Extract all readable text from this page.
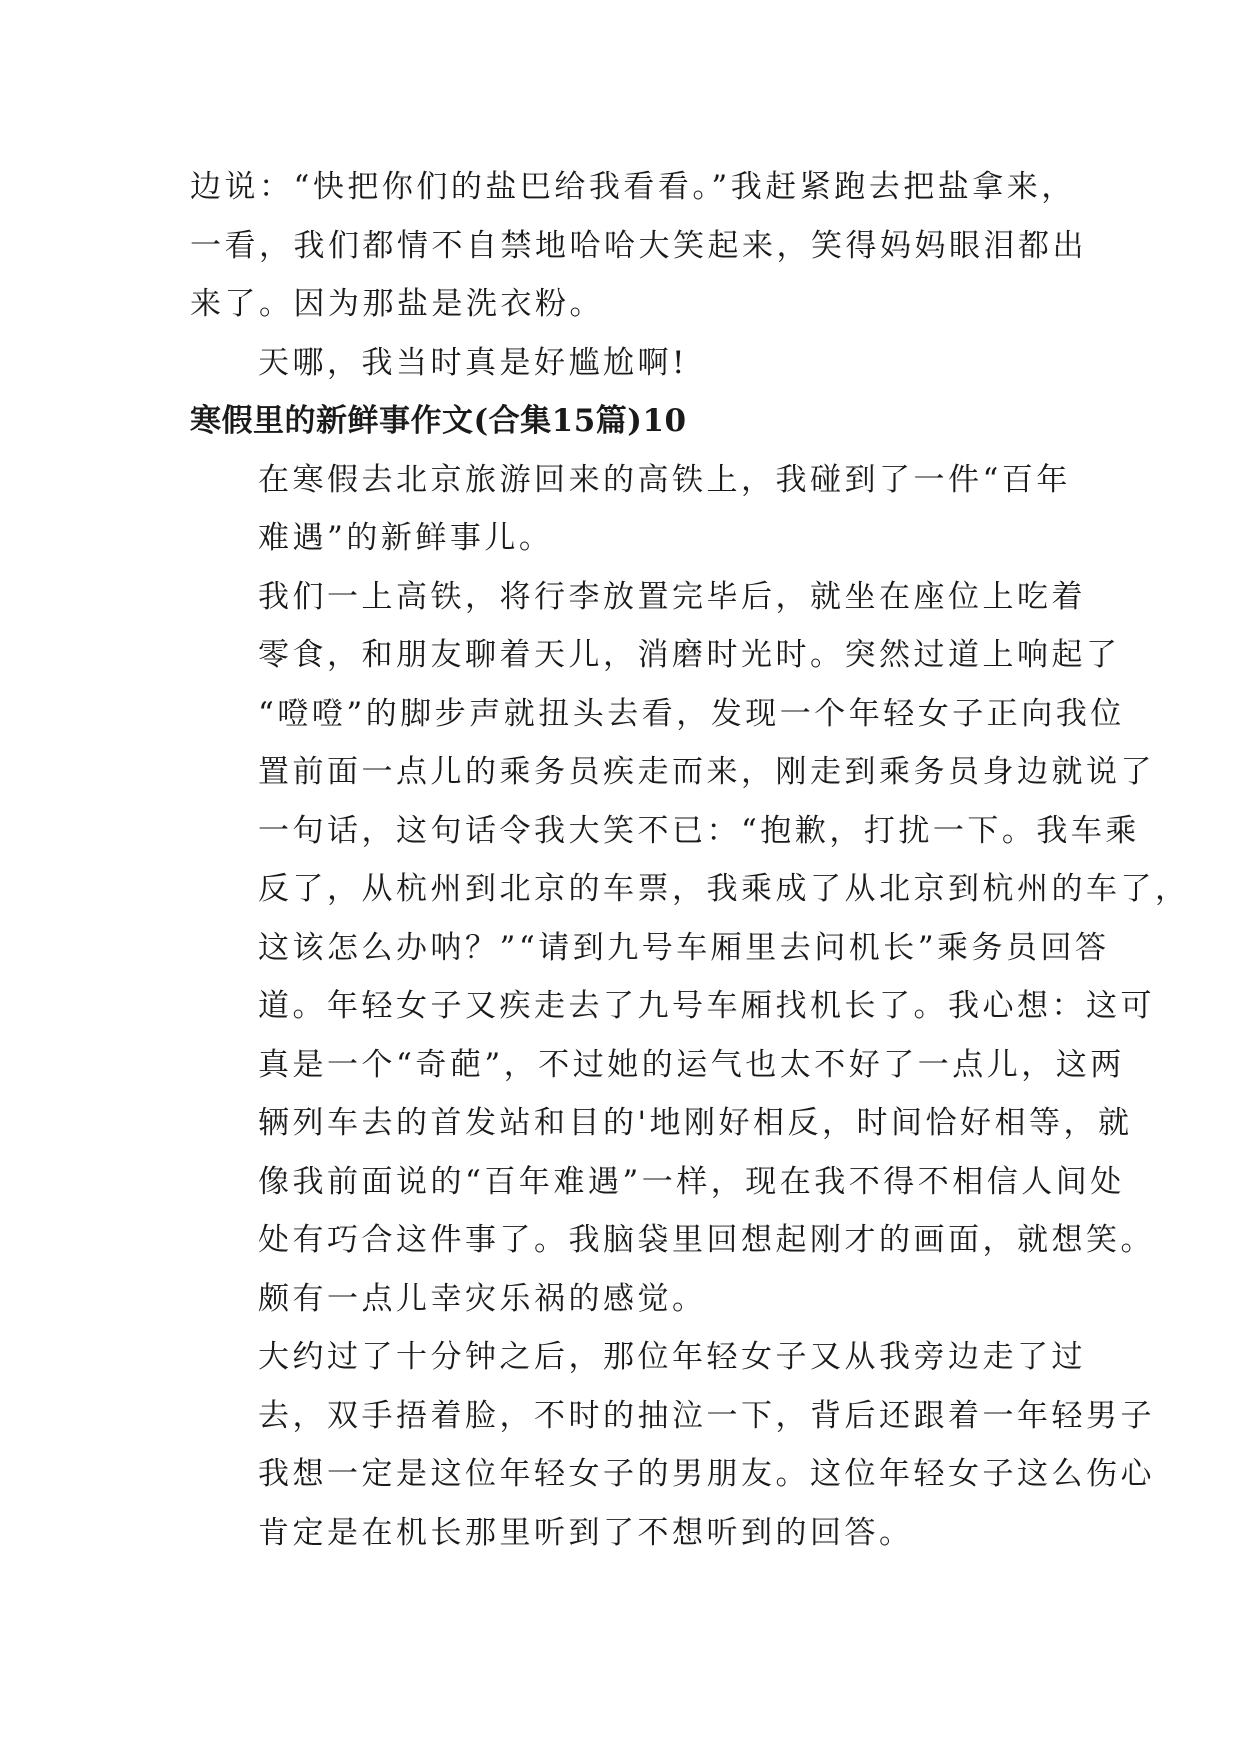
边说：“快把你们的盐巴给我看看。”我赶紧跑去把盐拿来，
一看，我们都情不自禁地哈哈大笑起来，笑得妈妈眼泪都出
来了。因为那盐是洗衣粉。

天哪，我当时真是好尴尬啊!

寒假里的新鲜事作文(合集15篇)10

在寒假去北京旅游回来的高铁上，我碰到了一件“百年
难遇”的新鲜事儿。

我们一上高铁，将行李放置完毕后，就坐在座位上吃着
零食，和朋友聊着天儿，消磨时光时。突然过道上响起了
“噔噔”的脚步声就扭头去看，发现一个年轻女子正向我位
置前面一点儿的乘务员疾走而来，刚走到乘务员身边就说了
一句话，这句话令我大笑不已：“抱歉，打扰一下。我车乘
反了，从杭州到北京的车票，我乘成了从北京到杭州的车了，
这该怎么办呐？”“请到九号车厢里去问机长”乘务员回答
道。年轻女子又疾走去了九号车厢找机长了。我心想：这可
真是一个“奇葩”，不过她的运气也太不好了一点儿，这两
辆列车去的首发站和目的'地刚好相反，时间恰好相等，就
像我前面说的“百年难遇”一样，现在我不得不相信人间处
处有巧合这件事了。我脑袋里回想起刚才的画面，就想笑。
颇有一点儿幸灾乐祸的感觉。

大约过了十分钟之后，那位年轻女子又从我旁边走了过
去，双手捂着脸，不时的抽泣一下，背后还跟着一年轻男子
我想一定是这位年轻女子的男朋友。这位年轻女子这么伤心
肯定是在机长那里听到了不想听到的回答。
